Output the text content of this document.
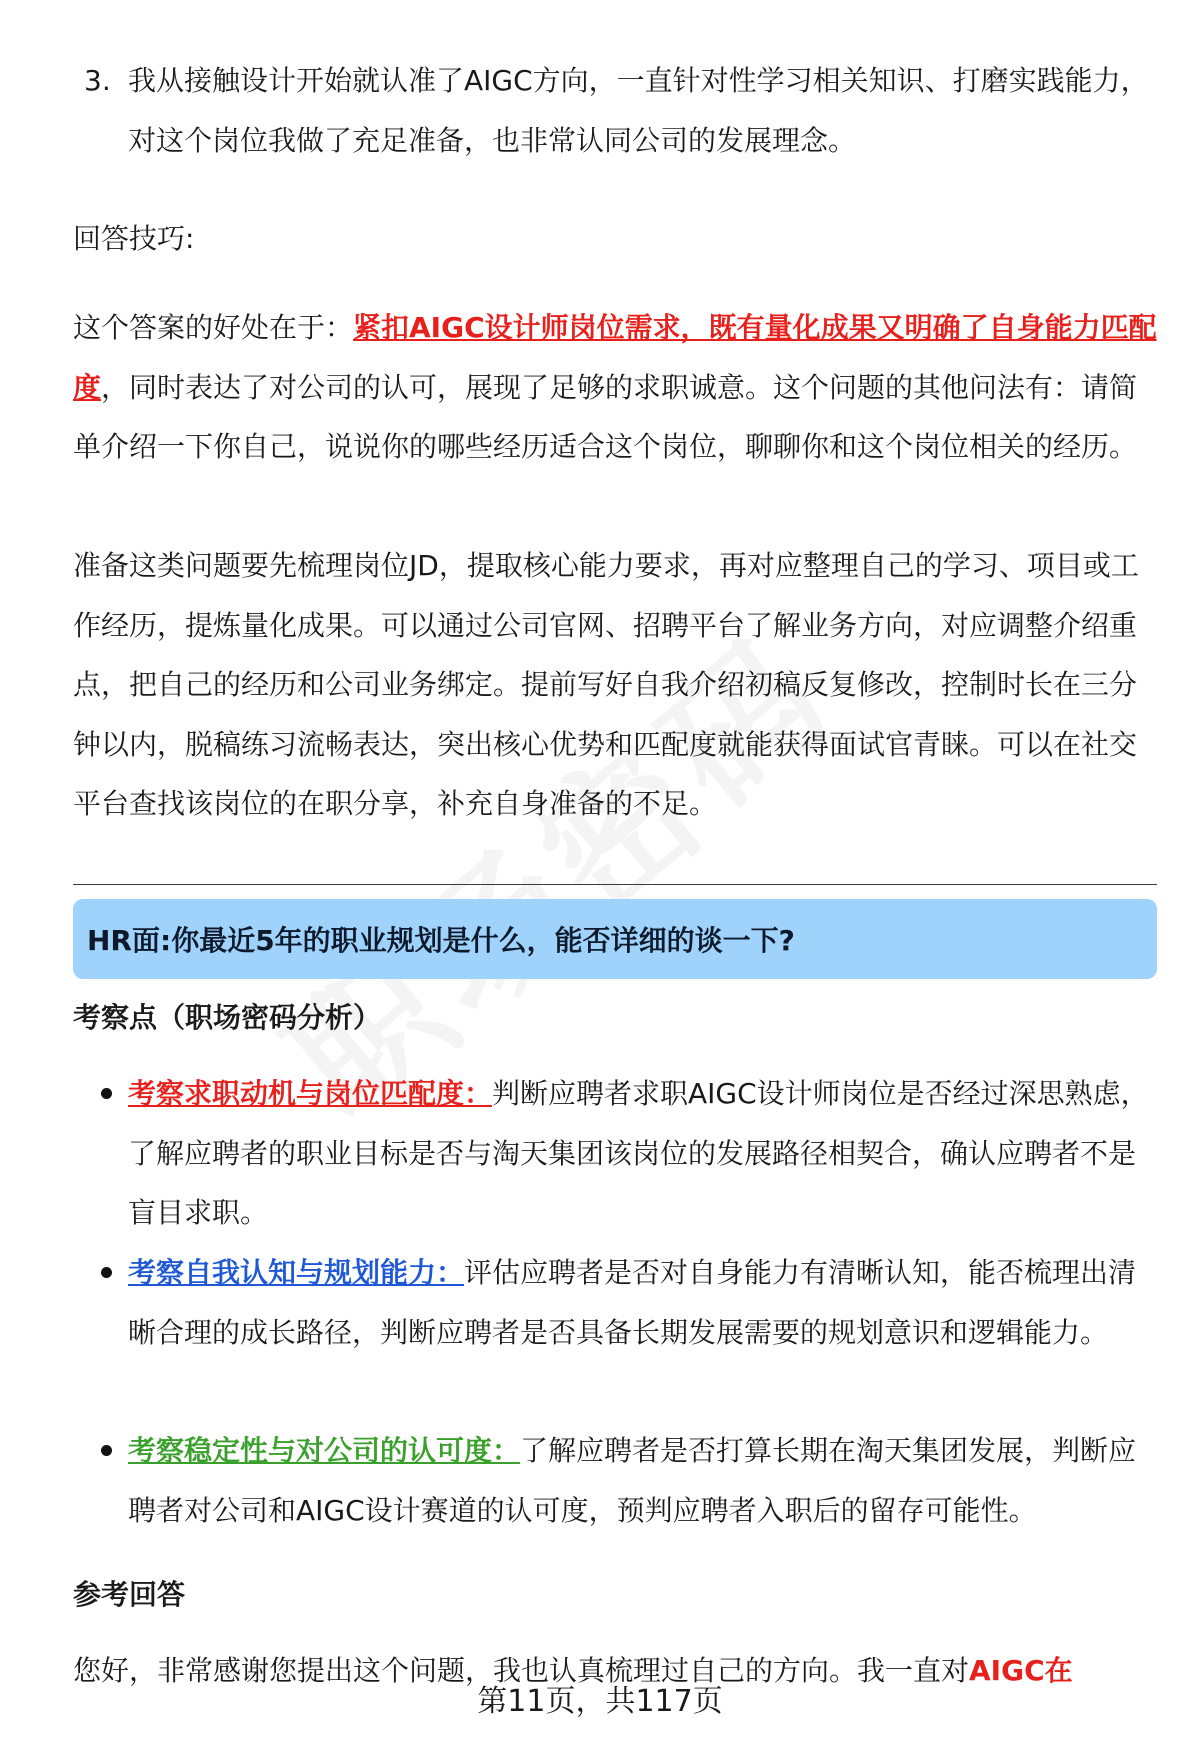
3. 我从接触设计开始就认准了AIGC方向，一直针对性学习相关知识、打磨实践能力，对这个岗位我做了充足准备，也非常认同公司的发展理念。

回答技巧:

这个答案的好处在于：紧扣AIGC设计师岗位需求，既有量化成果又明确了自身能力匹配度，同时表达了对公司的认可，展现了足够的求职诚意。这个问题的其他问法有：请简单介绍一下你自己，说说你的哪些经历适合这个岗位，聊聊你和这个岗位相关的经历。

准备这类问题要先梳理岗位JD，提取核心能力要求，再对应整理自己的学习、项目或工作经历，提炼量化成果。可以通过公司官网、招聘平台了解业务方向，对应调整介绍重点，把自己的经历和公司业务绑定。提前写好自我介绍初稿反复修改，控制时长在三分钟以内，脱稿练习流畅表达，突出核心优势和匹配度就能获得面试官青睐。可以在社交平台查找该岗位的在职分享，补充自身准备的不足。

HR面:你最近5年的职业规划是什么，能否详细的谈一下?
考察点（职场密码分析）
考察求职动机与岗位匹配度：判断应聘者求职AIGC设计师岗位是否经过深思熟虑，了解应聘者的职业目标是否与淘天集团该岗位的发展路径相契合，确认应聘者不是盲目求职。
考察自我认知与规划能力：评估应聘者是否对自身能力有清晰认知，能否梳理出清晰合理的成长路径，判断应聘者是否具备长期发展需要的规划意识和逻辑能力。
考察稳定性与对公司的认可度：了解应聘者是否打算长期在淘天集团发展，判断应聘者对公司和AIGC设计赛道的认可度，预判应聘者入职后的留存可能性。
参考回答

您好，非常感谢您提出这个问题，我也认真梳理过自己的方向。我一直对AIGC在

第11页，共117页
